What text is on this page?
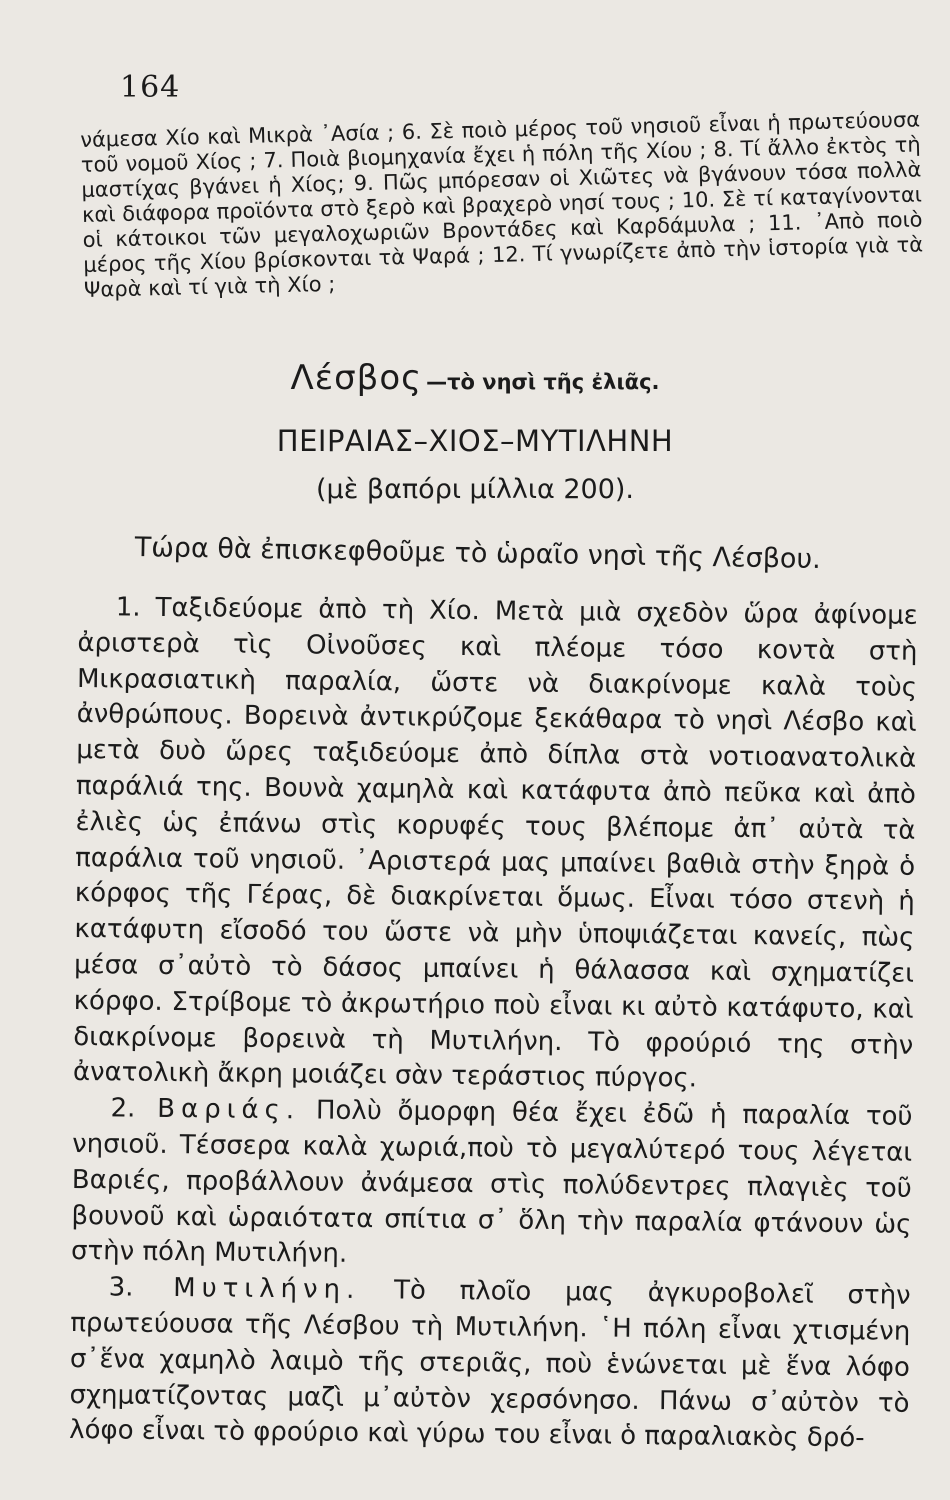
164
νάμεσα Χίο καὶ Μικρὰ ᾿Ασία ; 6. Σὲ ποιὸ μέρος τοῦ νησιοῦ εἶναι ἡ πρωτεύουσα τοῦ νομοῦ Χίος ; 7. Ποιὰ βιομηχανία ἔχει ἡ πόλη τῆς Χίου ; 8. Τί ἄλλο ἐκτὸς τὴ μαστίχας βγάνει ἡ Χίος; 9. Πῶς μπόρεσαν οἱ Χιῶτες νὰ βγάνουν τόσα πολλὰ καὶ διάφορα προϊόντα στὸ ξερὸ καὶ βραχερὸ νησί τους ; 10. Σὲ τί καταγίνονται οἱ κάτοικοι τῶν μεγαλοχωριῶν Βροντάδες καὶ Καρδάμυλα ; 11. ᾿Απὸ ποιὸ μέρος τῆς Χίου βρίσκονται τὰ Ψαρά ; 12. Τί γνωρίζετε ἀπὸ τὴν ἱστορία γιὰ τὰ Ψαρὰ καὶ τί γιὰ τὴ Χίο ;
Λέσβος —τὸ νησὶ τῆς ἐλιᾶς.
ΠΕΙΡΑΙΑΣ–ΧΙΟΣ–ΜΥΤΙΛΗΝΗ
(μὲ βαπόρι μίλλια 200).
Τώρα θὰ ἐπισκεφθοῦμε τὸ ὡραῖο νησὶ τῆς Λέσβου.

1. Ταξιδεύομε ἀπὸ τὴ Χίο. Μετὰ μιὰ σχεδὸν ὥρα ἀφίνομε ἀριστερὰ τὶς Οἰνοῦσες καὶ πλέομε τόσο κοντὰ στὴ Μικρασιατικὴ παραλία, ὥστε νὰ διακρίνομε καλὰ τοὺς ἀνθρώπους. Βορεινὰ ἀντικρύζομε ξεκάθαρα τὸ νησὶ Λέσβο καὶ μετὰ δυὸ ὥρες ταξιδεύομε ἀπὸ δίπλα στὰ νοτιοανατολικὰ παράλιά της. Βουνὰ χαμηλὰ καὶ κατάφυτα ἀπὸ πεῦκα καὶ ἀπὸ ἐλιὲς ὡς ἐπάνω στὶς κορυφές τους βλέπομε ἀπ᾿ αὐτὰ τὰ παράλια τοῦ νησιοῦ. ᾿Αριστερά μας μπαίνει βαθιὰ στὴν ξηρὰ ὁ κόρφος τῆς Γέρας, δὲ διακρίνεται ὅμως. Εἶναι τόσο στενὴ ἡ κατάφυτη εἴσοδό του ὥστε νὰ μὴν ὑποψιάζεται κανείς, πὼς μέσα σ᾿αὐτὸ τὸ δάσος μπαίνει ἡ θάλασσα καὶ σχηματίζει κόρφο. Στρίβομε τὸ ἀκρωτήριο ποὺ εἶναι κι αὐτὸ κατάφυτο, καὶ διακρίνομε βορεινὰ τὴ Μυτιλήνη. Τὸ φρούριό της στὴν ἀνατολικὴ ἄκρη μοιάζει σὰν τεράστιος πύργος.

2. Βαριάς. Πολὺ ὄμορφη θέα ἔχει ἐδῶ ἡ παραλία τοῦ νησιοῦ. Τέσσερα καλὰ χωριά,ποὺ τὸ μεγαλύτερό τους λέγεται Βαριές, προβάλλουν ἀνάμεσα στὶς πολύδεντρες πλαγιὲς τοῦ βουνοῦ καὶ ὡραιότατα σπίτια σ᾿ ὅλη τὴν παραλία φτάνουν ὡς στὴν πόλη Μυτιλήνη.

3. Μυτιλήνη. Τὸ πλοῖο μας ἀγκυροβολεῖ στὴν πρωτεύουσα τῆς Λέσβου τὴ Μυτιλήνη. ῾Η πόλη εἶναι χτισμένη σ᾿ἕνα χαμηλὸ λαιμὸ τῆς στεριᾶς, ποὺ ἑνώνεται μὲ ἕνα λόφο σχηματίζοντας μαζὶ μ᾿αὐτὸν χερσόνησο. Πάνω σ᾿αὐτὸν τὸ λόφο εἶναι τὸ φρούριο καὶ γύρω του εἶναι ὁ παραλιακὸς δρό-
